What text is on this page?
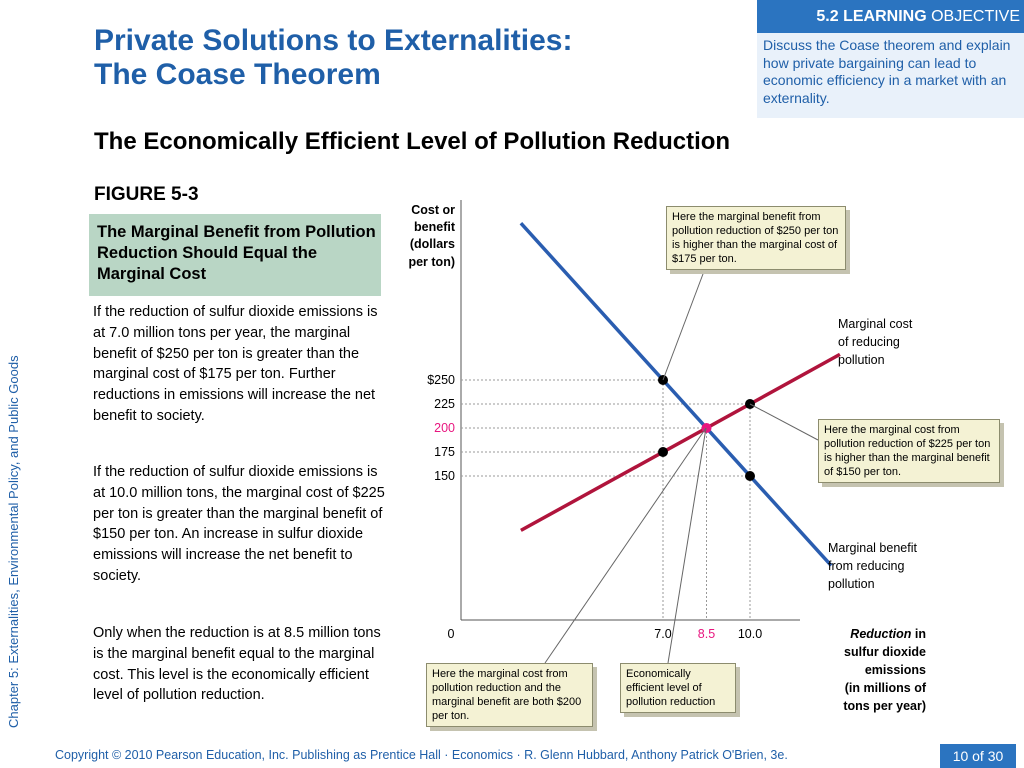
Private Solutions to Externalities:
The Coase Theorem
5.2 LEARNING OBJECTIVE
Discuss the Coase theorem and explain how private bargaining can lead to economic efficiency in a market with an externality.
The Economically Efficient Level of Pollution Reduction
FIGURE 5-3
The Marginal Benefit from Pollution Reduction Should Equal the Marginal Cost
If the reduction of sulfur dioxide emissions is at 7.0 million tons per year, the marginal benefit of $250 per ton is greater than the marginal cost of $175 per ton. Further reductions in emissions will increase the net benefit to society.
If the reduction of sulfur dioxide emissions is at 10.0 million tons, the marginal cost of $225 per ton is greater than the marginal benefit of $150 per ton. An increase in sulfur dioxide emissions will increase the net benefit to society.
Only when the reduction is at 8.5 million tons is the marginal benefit equal to the marginal cost. This level is the economically efficient level of pollution reduction.
Chapter 5: Externalities, Environmental Policy, and Public Goods
Cost or
benefit
(dollars
per ton)
$250
225
200
175
150
7.0 8.5 10.0
Marginal cost
of reducing
pollution
Marginal benefit
from reducing
pollution
0	Reduction in
sulfur dioxide
emissions
(in millions of
tons per year)
Here the marginal benefit from pollution reduction of $250 per ton is higher than the marginal cost of $175 per ton.
Here the marginal cost from pollution reduction of $225 per ton is higher than the marginal benefit of $150 per ton.
Here the marginal cost from pollution reduction and the marginal benefit are both $200 per ton.
Economically efficient level of pollution reduction
Copyright © 2010 Pearson Education, Inc. Publishing as Prentice Hall · Economics · R. Glenn Hubbard, Anthony Patrick O'Brien, 3e.	10 of 30
